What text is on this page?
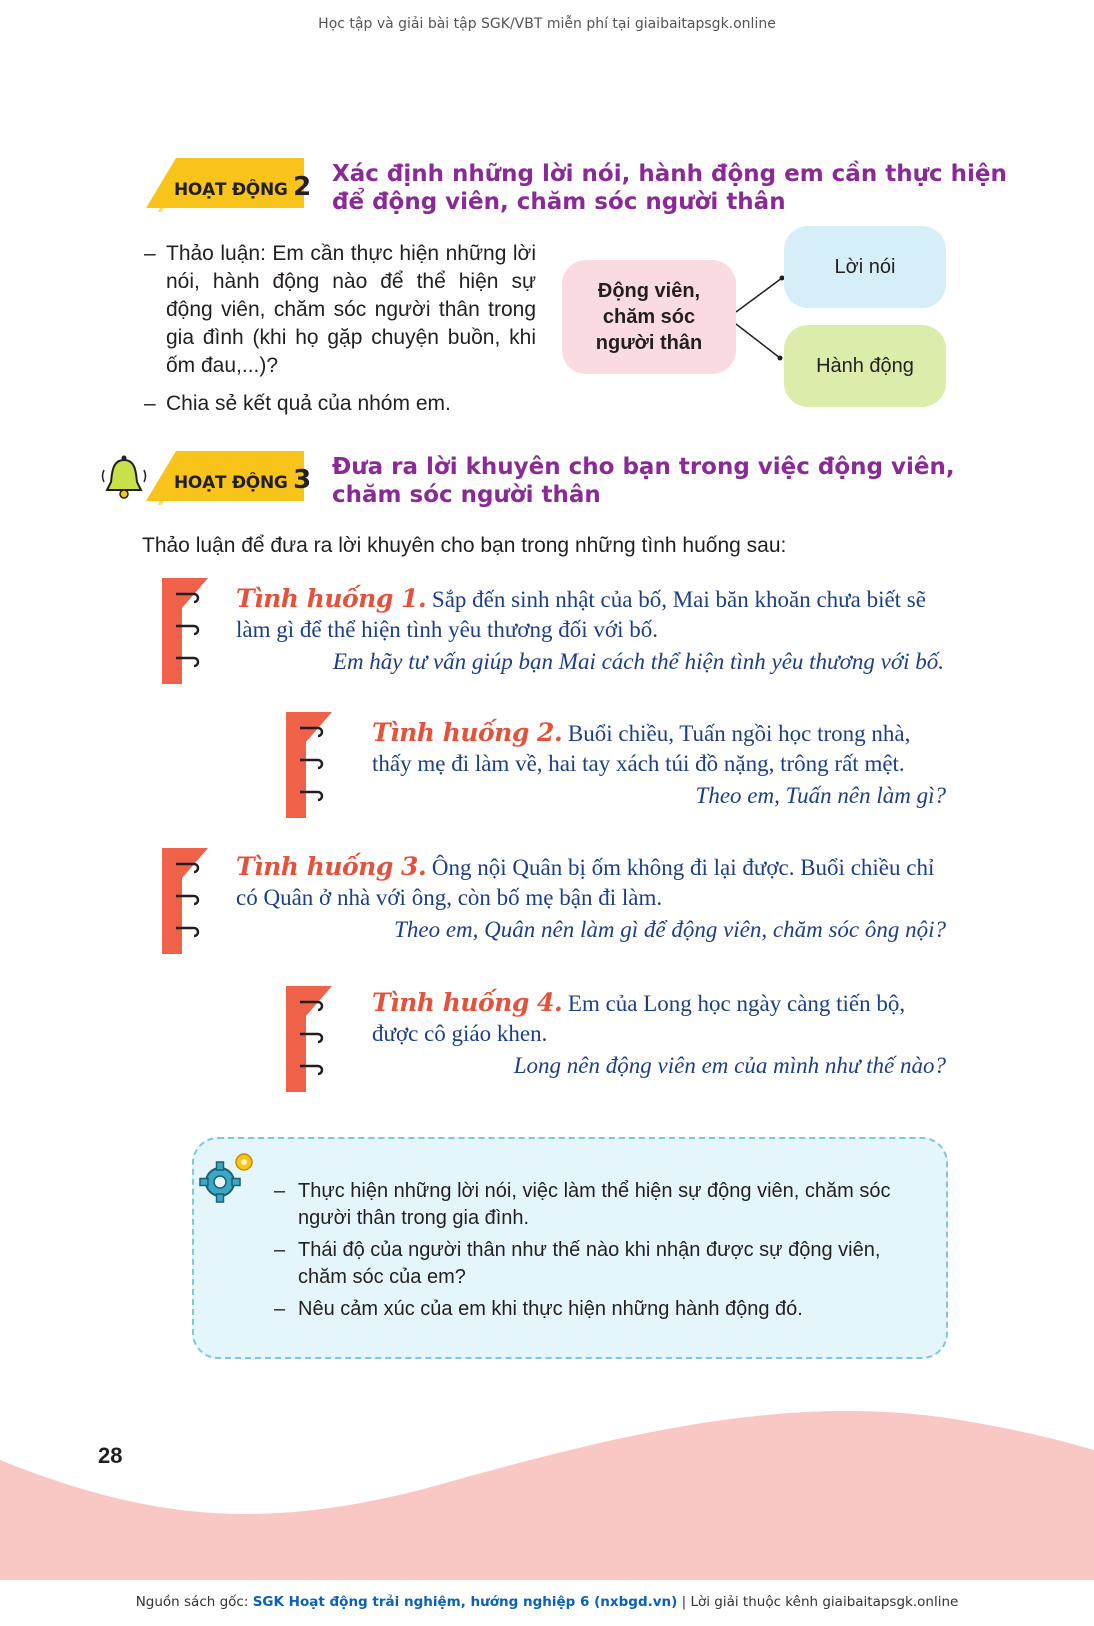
Học tập và giải bài tập SGK/VBT miễn phí tại giaibaitapsgk.online
HOẠT ĐỘNG 2 Xác định những lời nói, hành động em cần thực hiện
để động viên, chăm sóc người thân
– Thảo luận: Em cần thực hiện những lời nói, hành động nào để thể hiện sự động viên, chăm sóc người thân trong gia đình (khi họ gặp chuyện buồn, khi ốm đau,...)?
– Chia sẻ kết quả của nhóm em.
Động viên, chăm sóc người thân
Lời nói
Hành động
HOẠT ĐỘNG 3 Đưa ra lời khuyên cho bạn trong việc động viên,
chăm sóc người thân
Thảo luận để đưa ra lời khuyên cho bạn trong những tình huống sau:
Tình huống 1. Sắp đến sinh nhật của bố, Mai băn khoăn chưa biết sẽ làm gì để thể hiện tình yêu thương đối với bố.
Em hãy tư vấn giúp bạn Mai cách thể hiện tình yêu thương với bố.
Tình huống 2. Buổi chiều, Tuấn ngồi học trong nhà, thấy mẹ đi làm về, hai tay xách túi đồ nặng, trông rất mệt.
Theo em, Tuấn nên làm gì?
Tình huống 3. Ông nội Quân bị ốm không đi lại được. Buổi chiều chỉ có Quân ở nhà với ông, còn bố mẹ bận đi làm.
Theo em, Quân nên làm gì để động viên, chăm sóc ông nội?
Tình huống 4. Em của Long học ngày càng tiến bộ, được cô giáo khen.
Long nên động viên em của mình như thế nào?
– Thực hiện những lời nói, việc làm thể hiện sự động viên, chăm sóc người thân trong gia đình.
– Thái độ của người thân như thế nào khi nhận được sự động viên, chăm sóc của em?
– Nêu cảm xúc của em khi thực hiện những hành động đó.
28
Nguồn sách gốc: SGK Hoạt động trải nghiệm, hướng nghiệp 6 (nxbgd.vn) | Lời giải thuộc kênh giaibaitapsgk.online
